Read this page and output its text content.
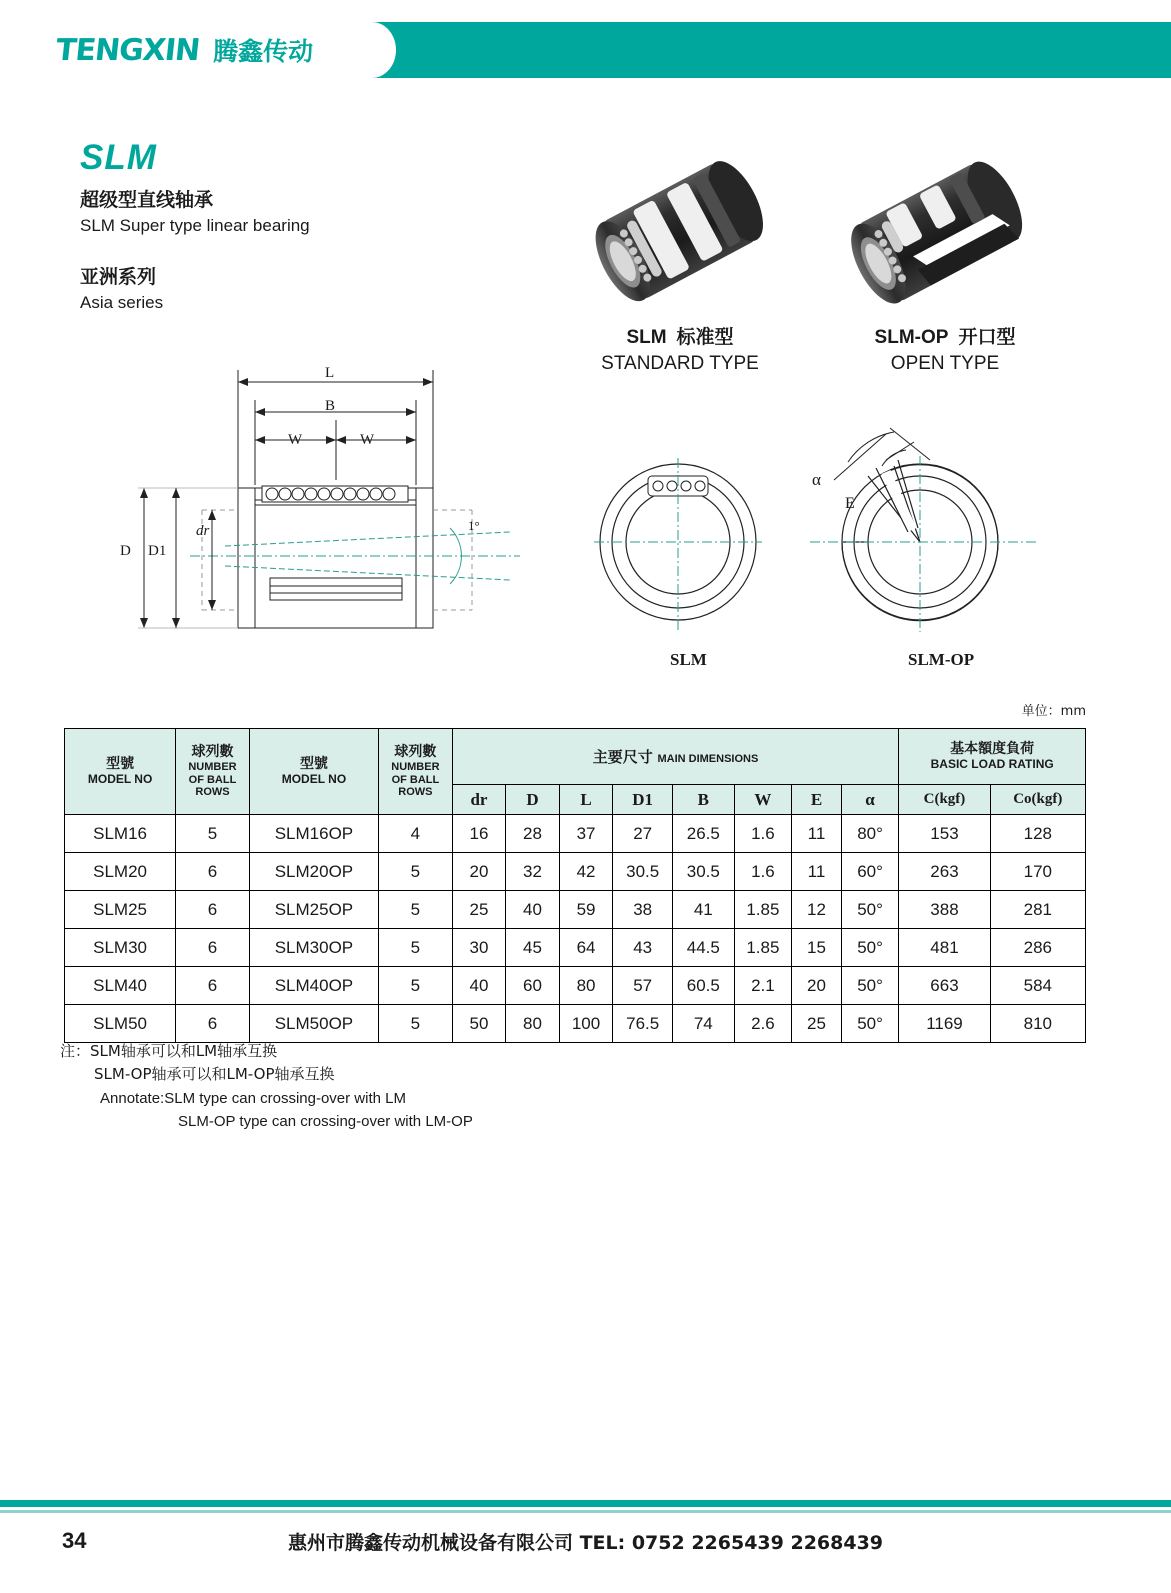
TENGXIN 腾鑫传动
SLM
超级型直线轴承
SLM Super type linear bearing
亚洲系列
Asia series
SLM 标准型
STANDARD TYPE
SLM-OP 开口型
OPEN TYPE
L
B
W	W
D D1
dr	1°
SLM
α
E
SLM-OP
单位：mm
型號
MODEL NO	球列數
NUMBER
OF BALL
ROWS	型號
MODEL NO	球列數
NUMBER
OF BALL
ROWS	主要尺寸 MAIN DIMENSIONS								基本額度負荷
BASIC LOAD RATING	

				dr	D	L	D1	B	W	E	α	C(kgf)	Co(kgf)
SLM16	5	SLM16OP	4	16	28	37	27	26.5	1.6	11	80°	153	128
SLM20	6	SLM20OP	5	20	32	42	30.5	30.5	1.6	11	60°	263	170
SLM25	6	SLM25OP	5	25	40	59	38	41	1.85	12	50°	388	281
SLM30	6	SLM30OP	5	30	45	64	43	44.5	1.85	15	50°	481	286
SLM40	6	SLM40OP	5	40	60	80	57	60.5	2.1	20	50°	663	584
SLM50	6	SLM50OP	5	50	80	100	76.5	74	2.6	25	50°	1169	810
注：SLM轴承可以和LM轴承互换
SLM-OP轴承可以和LM-OP轴承互换
Annotate:SLM type can crossing-over with LM
SLM-OP type can crossing-over with LM-OP
34	惠州市腾鑫传动机械设备有限公司 TEL: 0752 2265439 2268439
